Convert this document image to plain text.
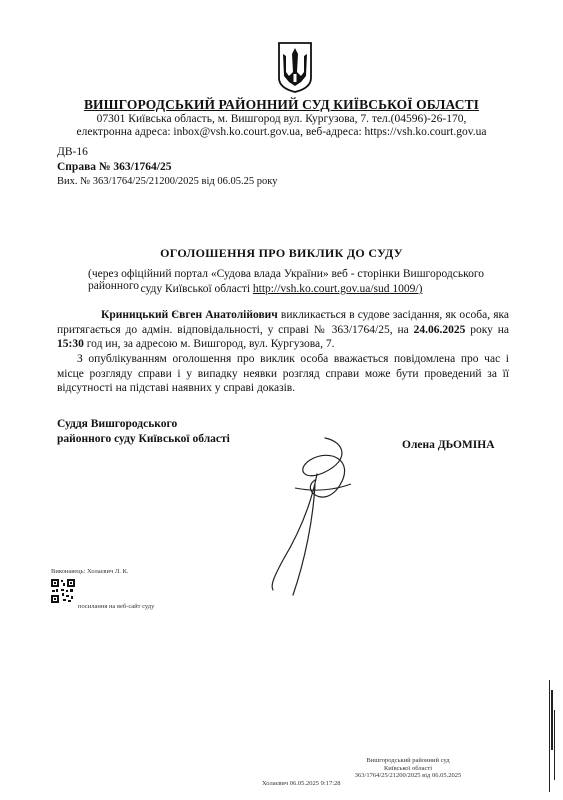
ВИШГОРОДСЬКИЙ РАЙОННИЙ СУД КИЇВСЬКОЇ ОБЛАСТІ
07301 Київська область, м. Вишгород вул. Кургузова, 7. тел.(04596)-26-170,
електронна адреса: inbox@vsh.ko.court.gov.ua, веб-адреса: https://vsh.ko.court.gov.ua
ДВ-16
Справа № 363/1764/25
Вих. № 363/1764/25/21200/2025 від 06.05.25 року
ОГОЛОШЕННЯ ПРО ВИКЛИК ДО СУДУ
(через офіційний портал «Судова влада України» веб - сторінки Вишгородського районного суду Київської області http://vsh.ko.court.gov.ua/sud 1009/)
Криницький Євген Анатолійович викликається в судове засідання, як особа, яка притягається до адмін. відповідальності, у справі № 363/1764/25, на 24.06.2025 року на 15:30 год ин, за адресою м. Вишгород, вул. Кургузова, 7.
З опублікуванням оголошення про виклик особа вважається повідомлена про час і місце розгляду справи і у випадку неявки розгляд справи може бути проведений за її відсутності на підставі наявних у справі доказів.
Суддя Вишгородського
районного суду Київської області	Олена ДЬОМІНА
Виконавець: Холаєвич Л. К.
посилання на веб-сайт суду
Вишгородський районний суд
Київської області
363/1764/25/21200/2025 від 06.05.2025
Холаєвич 06.05.2025 9:17:28
